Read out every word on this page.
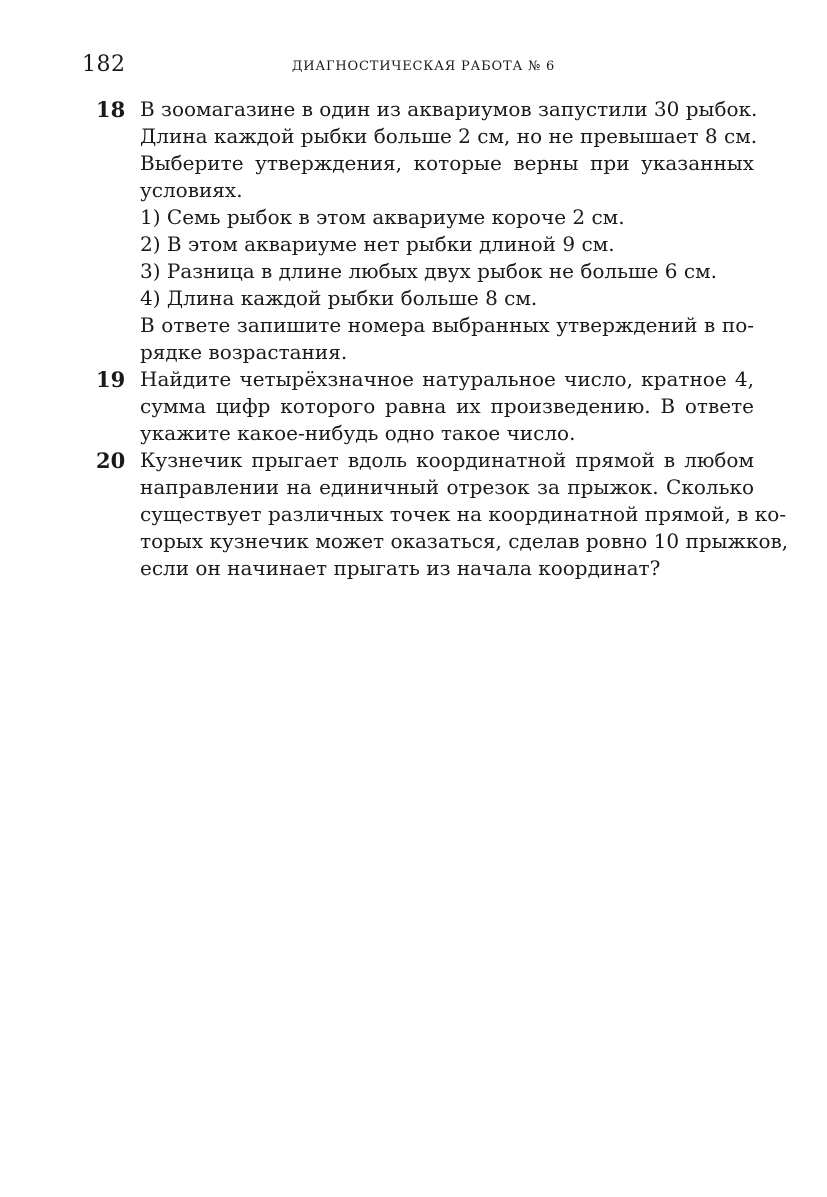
182	ДИАГНОСТИЧЕСКАЯ РАБОТА № 6
18 В зоомагазине в один из аквариумов запустили 30 рыбок.
Длина каждой рыбки больше 2 см, но не превышает 8 см.
Выберите утверждения, которые верны при указанных
условиях.
1) Семь рыбок в этом аквариуме короче 2 см.
2) В этом аквариуме нет рыбки длиной 9 см.
3) Разница в длине любых двух рыбок не больше 6 см.
4) Длина каждой рыбки больше 8 см.
В ответе запишите номера выбранных утверждений в по-
рядке возрастания.
19 Найдите четырёхзначное натуральное число, кратное 4,
сумма цифр которого равна их произведению. В ответе
укажите какое-нибудь одно такое число.
20 Кузнечик прыгает вдоль координатной прямой в любом
направлении на единичный отрезок за прыжок. Сколько
существует различных точек на координатной прямой, в ко-
торых кузнечик может оказаться, сделав ровно 10 прыжков,
если он начинает прыгать из начала координат?
